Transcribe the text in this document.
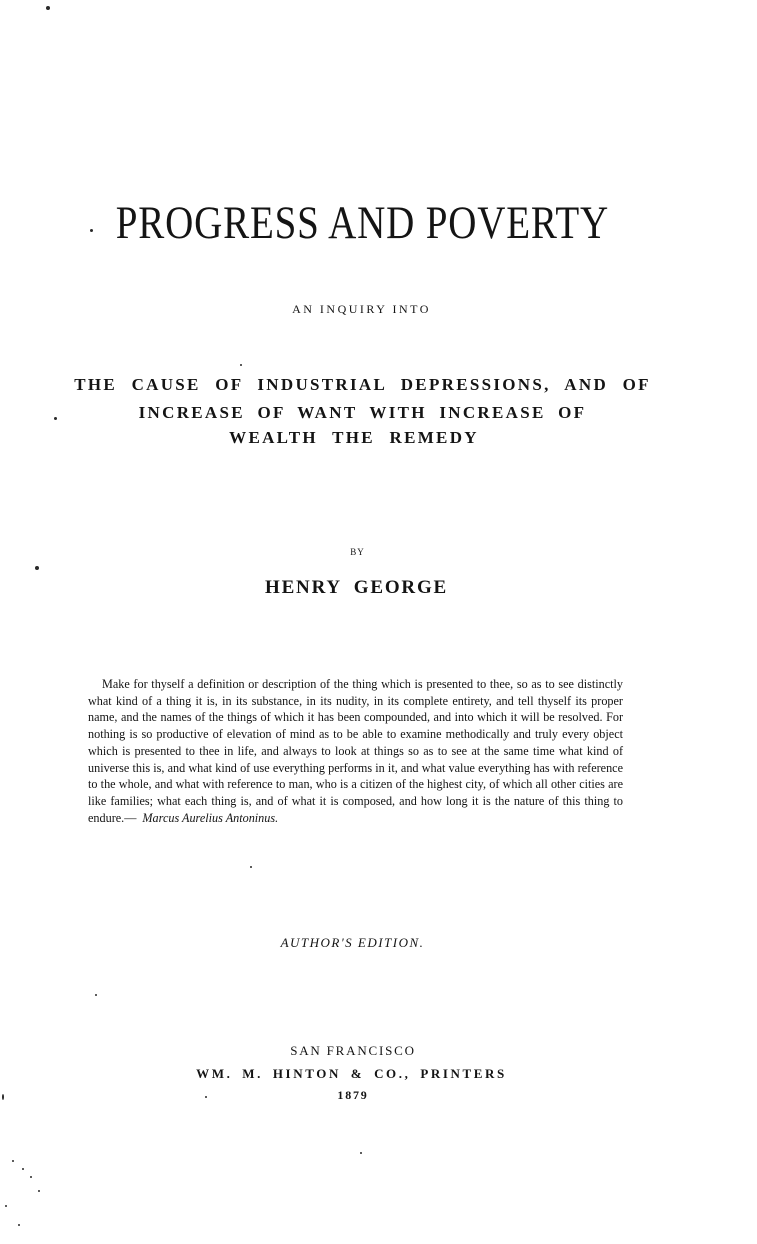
PROGRESS AND POVERTY
AN INQUIRY INTO
THE CAUSE OF INDUSTRIAL DEPRESSIONS, AND OF
INCREASE OF WANT WITH INCREASE OF
WEALTH THE REMEDY
BY
HENRY GEORGE
Make for thyself a definition or description of the thing which is presented to thee, so as to see distinctly what kind of a thing it is, in its substance, in its nudity, in its complete entirety, and tell thyself its proper name, and the names of the things of which it has been compounded, and into which it will be resolved. For nothing is so productive of elevation of mind as to be able to examine methodically and truly every object which is presented to thee in life, and always to look at things so as to see at the same time what kind of universe this is, and what kind of use everything performs in it, and what value everything has with reference to the whole, and what with reference to man, who is a citizen of the highest city, of which all other cities are like families; what each thing is, and of what it is composed, and how long it is the nature of this thing to endure.— Marcus Aurelius Antoninus.
AUTHOR'S EDITION.
SAN FRANCISCO
WM. M. HINTON & CO., PRINTERS
1879
